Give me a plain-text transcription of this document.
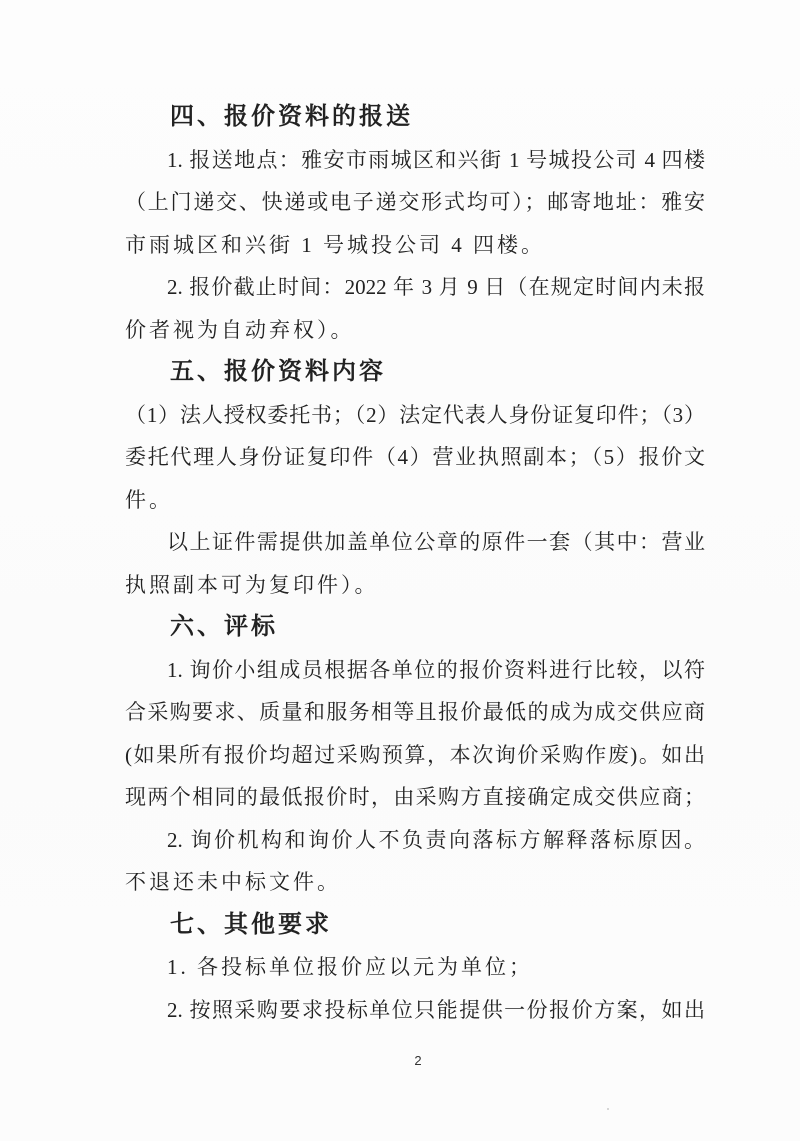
四、报价资料的报送
1. 报送地点：雅安市雨城区和兴街 1 号城投公司 4 四楼
（上门递交、快递或电子递交形式均可）；邮寄地址：雅安
市雨城区和兴街 1 号城投公司 4 四楼。
2. 报价截止时间：2022 年 3 月 9 日（在规定时间内未报
价者视为自动弃权）。
五、报价资料内容
（1）法人授权委托书；（2）法定代表人身份证复印件；（3）
委托代理人身份证复印件（4）营业执照副本；（5）报价文
件。
以上证件需提供加盖单位公章的原件一套（其中：营业
执照副本可为复印件）。
六、评标
1. 询价小组成员根据各单位的报价资料进行比较，以符
合采购要求、质量和服务相等且报价最低的成为成交供应商
(如果所有报价均超过采购预算，本次询价采购作废)。如出
现两个相同的最低报价时，由采购方直接确定成交供应商；
2. 询价机构和询价人不负责向落标方解释落标原因。
不退还未中标文件。
七、其他要求
1. 各投标单位报价应以元为单位；
2. 按照采购要求投标单位只能提供一份报价方案，如出
2
